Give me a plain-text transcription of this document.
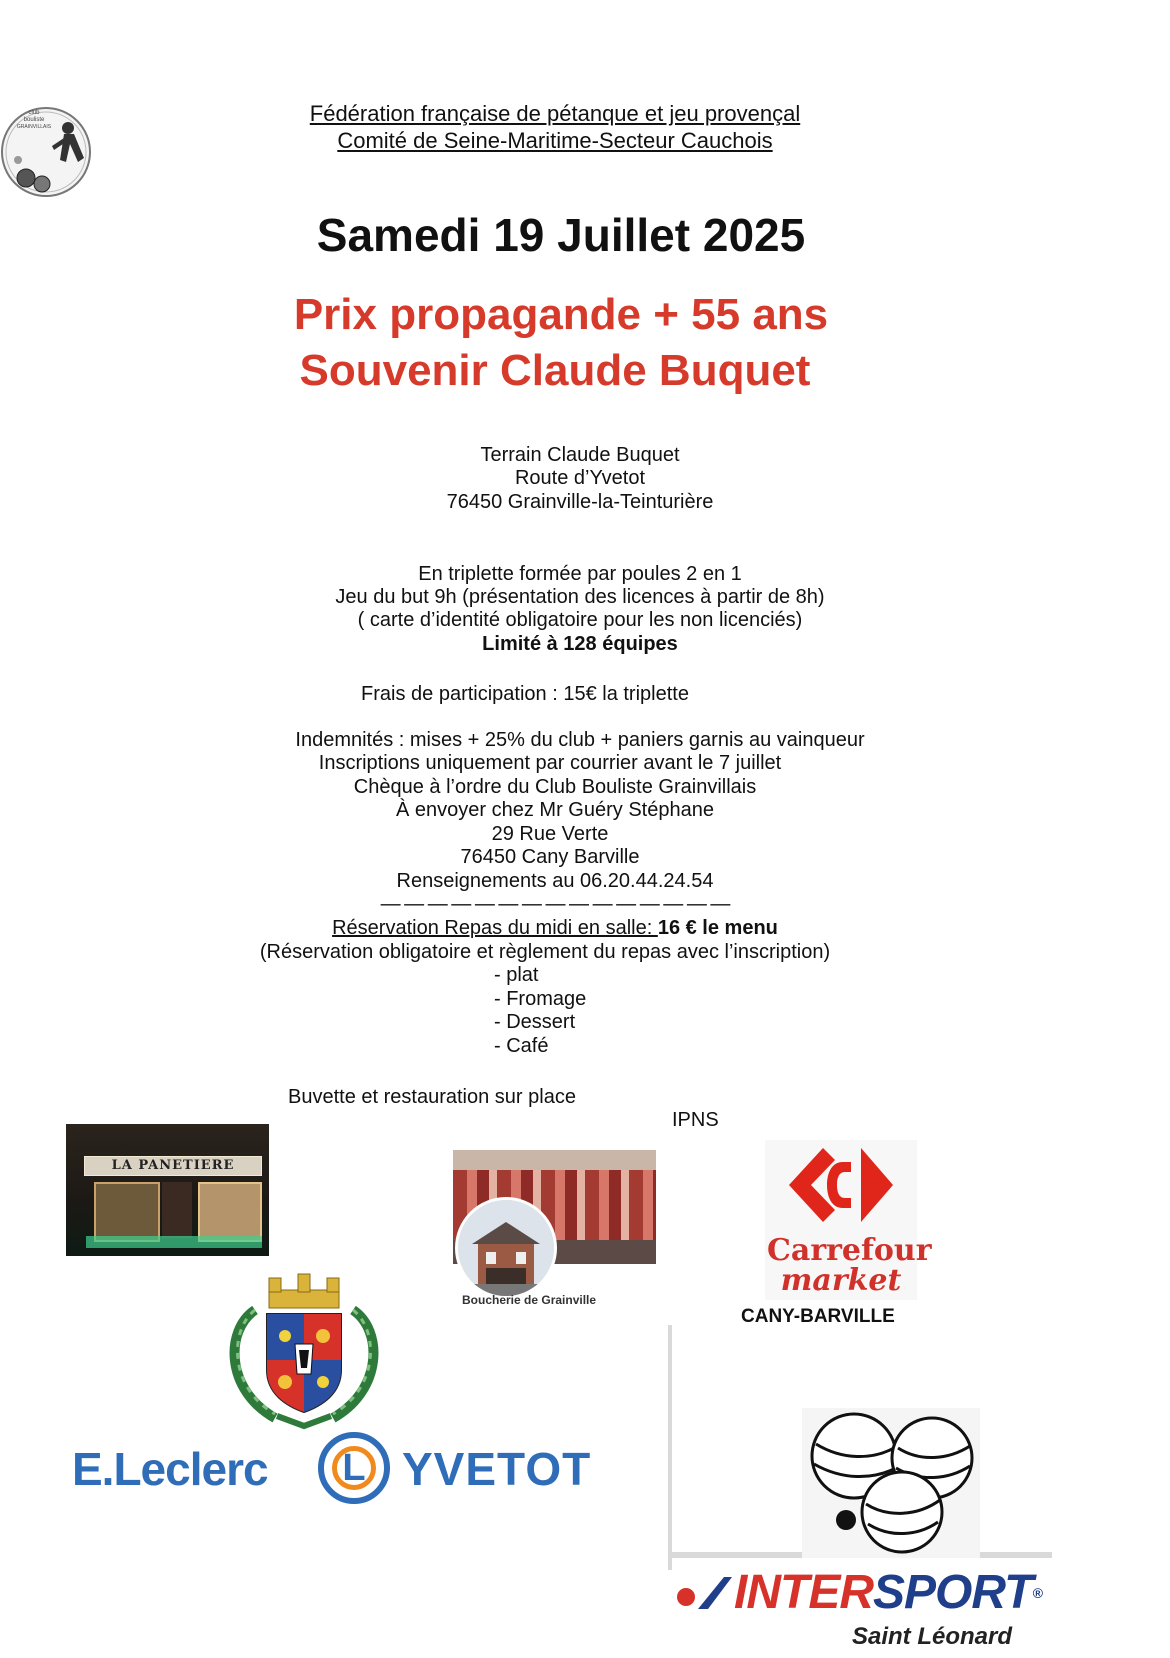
club
bouliste
GRAINVILLAIS
Fédération française de pétanque et jeu provençal
Comité de Seine-Maritime-Secteur Cauchois
Samedi 19 Juillet 2025
Prix propagande + 55 ans
Souvenir Claude Buquet
Terrain Claude Buquet
Route d’Yvetot
76450 Grainville-la-Teinturière
En triplette formée par poules 2 en 1
Jeu du but 9h (présentation des licences à partir de 8h)
( carte d’identité obligatoire pour les non licenciés)
Limité à 128 équipes
Frais de participation : 15€ la triplette
Indemnités : mises + 25% du club + paniers garnis au vainqueur
Inscriptions uniquement par courrier avant le 7 juillet
Chèque à l’ordre du Club Bouliste Grainvillais
À envoyer chez Mr Guéry Stéphane
29 Rue Verte
76450 Cany Barville
Renseignements au 06.20.44.24.54
— — — — — — — — — — — — — — —
Réservation Repas du midi en salle: 16 € le menu
(Réservation obligatoire et règlement du repas avec l’inscription)
- plat
- Fromage
- Dessert
- Café
Buvette et restauration sur place
IPNS
LA PANETIERE
Boucherie de Grainville
Carrefour
market
CANY-BARVILLE
E.Leclerc	L YVETOT
INTERSPORT®
Saint Léonard
